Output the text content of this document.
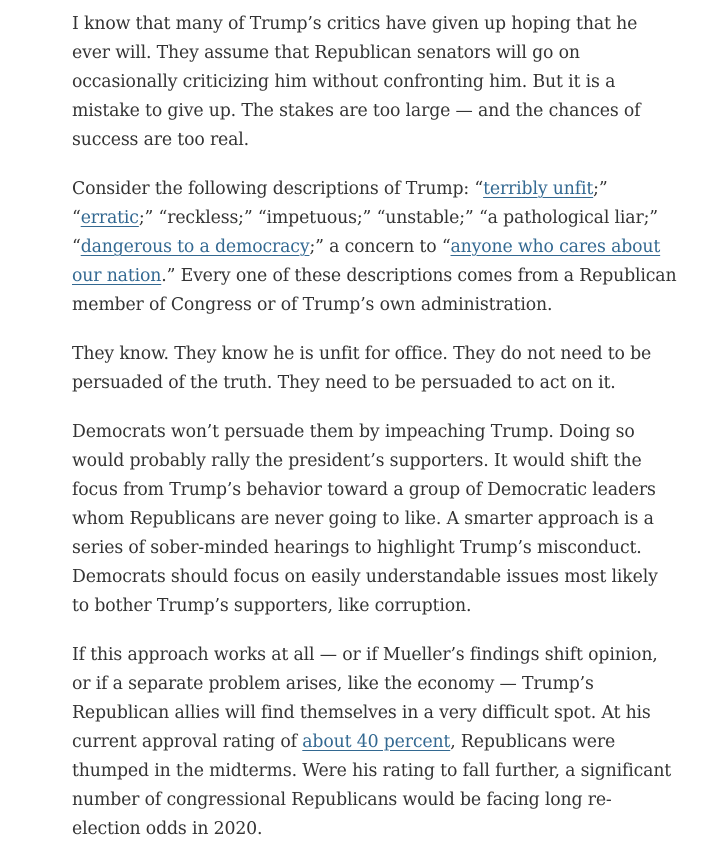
I know that many of Trump’s critics have given up hoping that he ever will. They assume that Republican senators will go on occasionally criticizing him without confronting him. But it is a mistake to give up. The stakes are too large — and the chances of success are too real.

Consider the following descriptions of Trump: “terribly unfit;” “erratic;” “reckless;” “impetuous;” “unstable;” “a pathological liar;” “dangerous to a democracy;” a concern to “anyone who cares about our nation.” Every one of these descriptions comes from a Republican member of Congress or of Trump’s own administration.

They know. They know he is unfit for office. They do not need to be persuaded of the truth. They need to be persuaded to act on it.

Democrats won’t persuade them by impeaching Trump. Doing so would probably rally the president’s supporters. It would shift the focus from Trump’s behavior toward a group of Democratic leaders whom Republicans are never going to like. A smarter approach is a series of sober-minded hearings to highlight Trump’s misconduct. Democrats should focus on easily understandable issues most likely to bother Trump’s supporters, like corruption.

If this approach works at all — or if Mueller’s findings shift opinion, or if a separate problem arises, like the economy — Trump’s Republican allies will find themselves in a very difficult spot. At his current approval rating of about 40 percent, Republicans were thumped in the midterms. Were his rating to fall further, a significant number of congressional Republicans would be facing long re-election odds in 2020.
